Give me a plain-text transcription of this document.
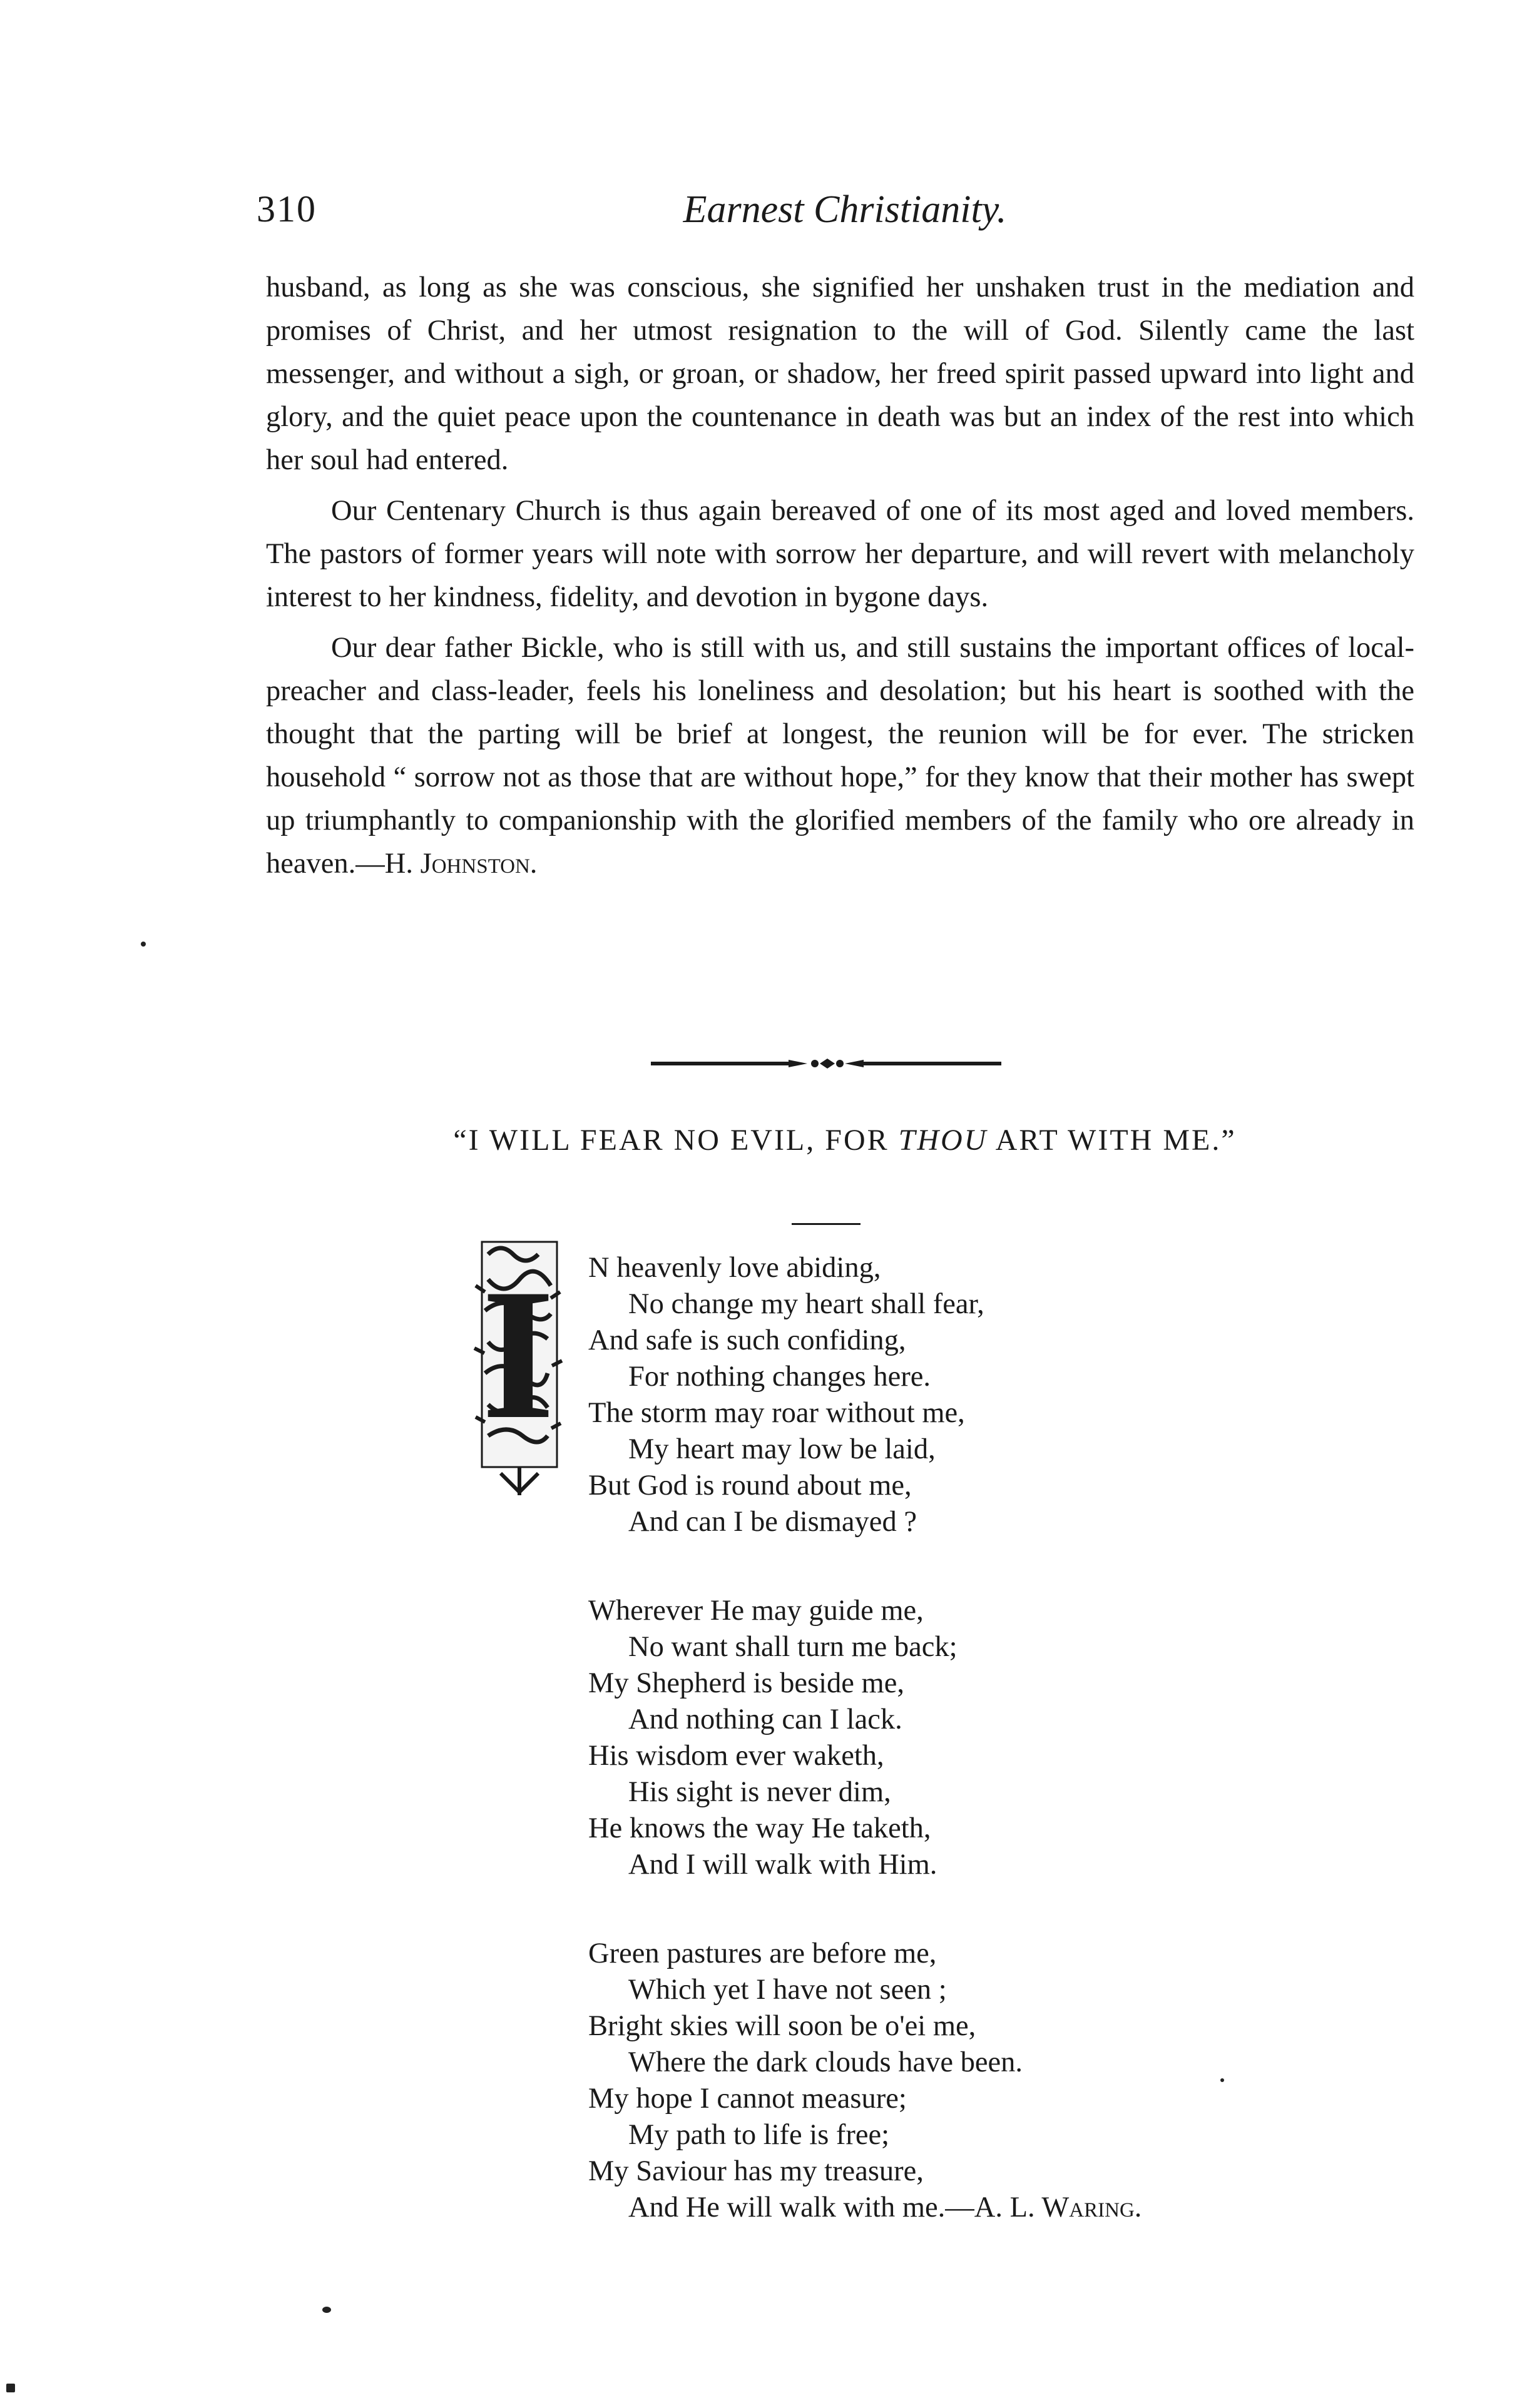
310	Earnest Christianity.

husband, as long as she was conscious, she signified her unshaken trust in the mediation and promises of Christ, and her utmost resignation to the will of God. Silently came the last messenger, and without a sigh, or groan, or shadow, her freed spirit passed upward into light and glory, and the quiet peace upon the countenance in death was but an index of the rest into which her soul had entered.

Our Centenary Church is thus again bereaved of one of its most aged and loved members. The pastors of former years will note with sorrow her departure, and will revert with melancholy interest to her kindness, fidelity, and devotion in bygone days.

Our dear father Bickle, who is still with us, and still sustains the important offices of local-preacher and class-leader, feels his loneliness and desolation; but his heart is soothed with the thought that the parting will be brief at longest, the reunion will be for ever. The stricken household “ sorrow not as those that are without hope,” for they know that their mother has swept up triumphantly to companionship with the glorified members of the family who ore already in heaven.—H. Johnston.

“I WILL FEAR NO EVIL, FOR THOU ART WITH ME.”
I N heavenly love abiding,
No change my heart shall fear,
And safe is such confiding,
For nothing changes here.
The storm may roar without me,
My heart may low be laid,
But God is round about me,
And can I be dismayed ?
Wherever He may guide me,
No want shall turn me back;
My Shepherd is beside me,
And nothing can I lack.
His wisdom ever waketh,
His sight is never dim,
He knows the way He taketh,
And I will walk with Him.
Green pastures are before me,
Which yet I have not seen ;
Bright skies will soon be o'ei me,
Where the dark clouds have been.
My hope I cannot measure;
My path to life is free;
My Saviour has my treasure,
And He will walk with me.—A. L. Waring.
